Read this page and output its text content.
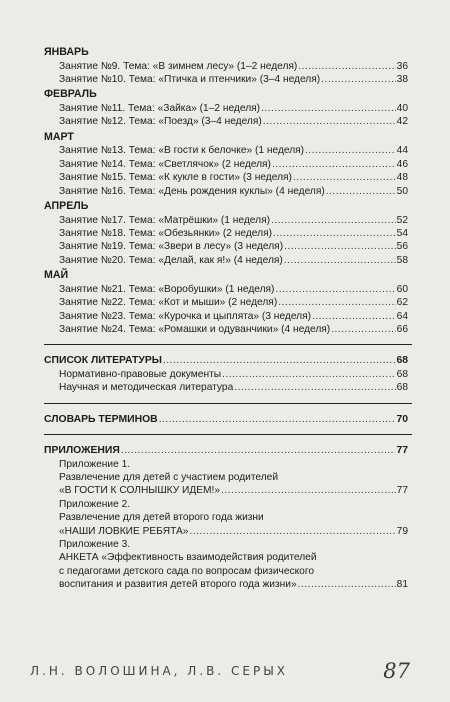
ЯНВАРЬ
Занятие №9. Тема: «В зимнем лесу» (1–2 неделя) .....	36
Занятие №10. Тема: «Птичка и птенчики» (3–4 неделя) .....	38
ФЕВРАЛЬ
Занятие №11. Тема: «Зайка» (1–2 неделя) .....	40
Занятие №12. Тема: «Поезд» (3–4 неделя) .....	42
МАРТ
Занятие №13. Тема: «В гости к белочке» (1 неделя) .....	44
Занятие №14. Тема: «Светлячок» (2 неделя) .....	46
Занятие №15. Тема: «К кукле в гости» (3 неделя) .....	48
Занятие №16. Тема: «День рождения куклы» (4 неделя) .....	50
АПРЕЛЬ
Занятие №17. Тема: «Матрёшки» (1 неделя) .....	52
Занятие №18. Тема: «Обезьянки» (2 неделя) .....	54
Занятие №19. Тема: «Звери в лесу» (3 неделя) .....	56
Занятие №20. Тема: «Делай, как я!» (4 неделя) .....	58
МАЙ
Занятие №21. Тема: «Воробушки» (1 неделя) .....	60
Занятие №22. Тема: «Кот и мыши» (2 неделя) .....	62
Занятие №23. Тема: «Курочка и цыплята» (3 неделя) .....	64
Занятие №24. Тема: «Ромашки и одуванчики» (4 неделя) .....	66
СПИСОК ЛИТЕРАТУРЫ .....	68
Нормативно-правовые документы .....	68
Научная и методическая литература .....	68
СЛОВАРЬ ТЕРМИНОВ .....	70
ПРИЛОЖЕНИЯ .....	77
Приложение 1.
Развлечение для детей с участием родителей
«В ГОСТИ К СОЛНЫШКУ ИДЕМ!» .....	77
Приложение 2.
Развлечение для детей второго года жизни
«НАШИ ЛОВКИЕ РЕБЯТА» .....	79
Приложение 3.
АНКЕТА «Эффективность взаимодействия родителей
с педагогами детского сада по вопросам физического
воспитания и развития детей второго года жизни» .....	81
Л.Н. ВОЛОШИНА, Л.В. СЕРЫХ	87
